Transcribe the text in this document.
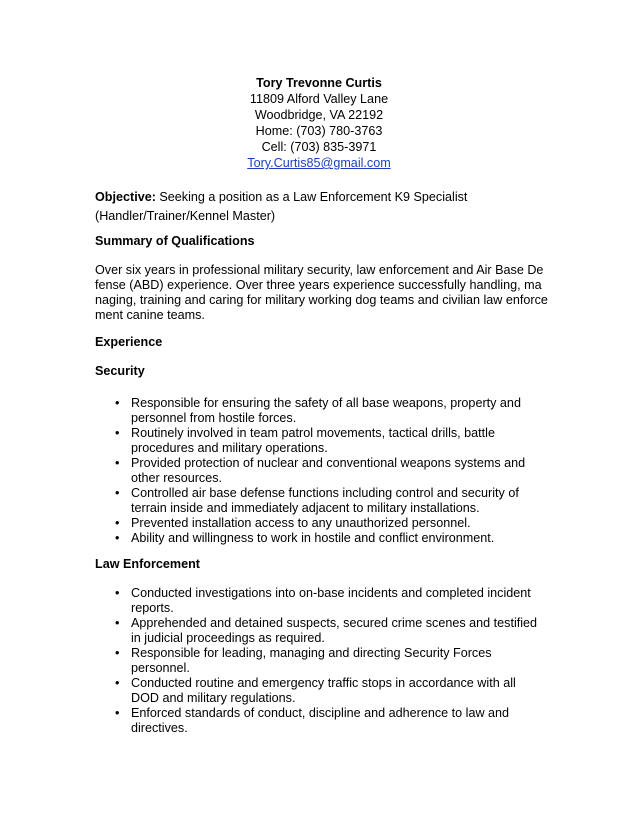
Tory Trevonne Curtis
11809 Alford Valley Lane
Woodbridge, VA 22192
Home: (703) 780-3763
Cell: (703) 835-3971
Tory.Curtis85@gmail.com
Objective: Seeking a position as a Law Enforcement K9 Specialist
(Handler/Trainer/Kennel Master)
Summary of Qualifications
Over six years in professional military security, law enforcement and Air Base De
fense (ABD) experience. Over three years experience successfully handling, ma
naging, training and caring for military working dog teams and civilian law enforce
ment canine teams.
Experience
Security
• Responsible for ensuring the safety of all base weapons, property and
personnel from hostile forces.
• Routinely involved in team patrol movements, tactical drills, battle
procedures and military operations.
• Provided protection of nuclear and conventional weapons systems and
other resources.
• Controlled air base defense functions including control and security of
terrain inside and immediately adjacent to military installations.
• Prevented installation access to any unauthorized personnel.
• Ability and willingness to work in hostile and conflict environment.
Law Enforcement
• Conducted investigations into on-base incidents and completed incident
reports.
• Apprehended and detained suspects, secured crime scenes and testified
in judicial proceedings as required.
• Responsible for leading, managing and directing Security Forces
personnel.
• Conducted routine and emergency traffic stops in accordance with all
DOD and military regulations.
• Enforced standards of conduct, discipline and adherence to law and
directives.
